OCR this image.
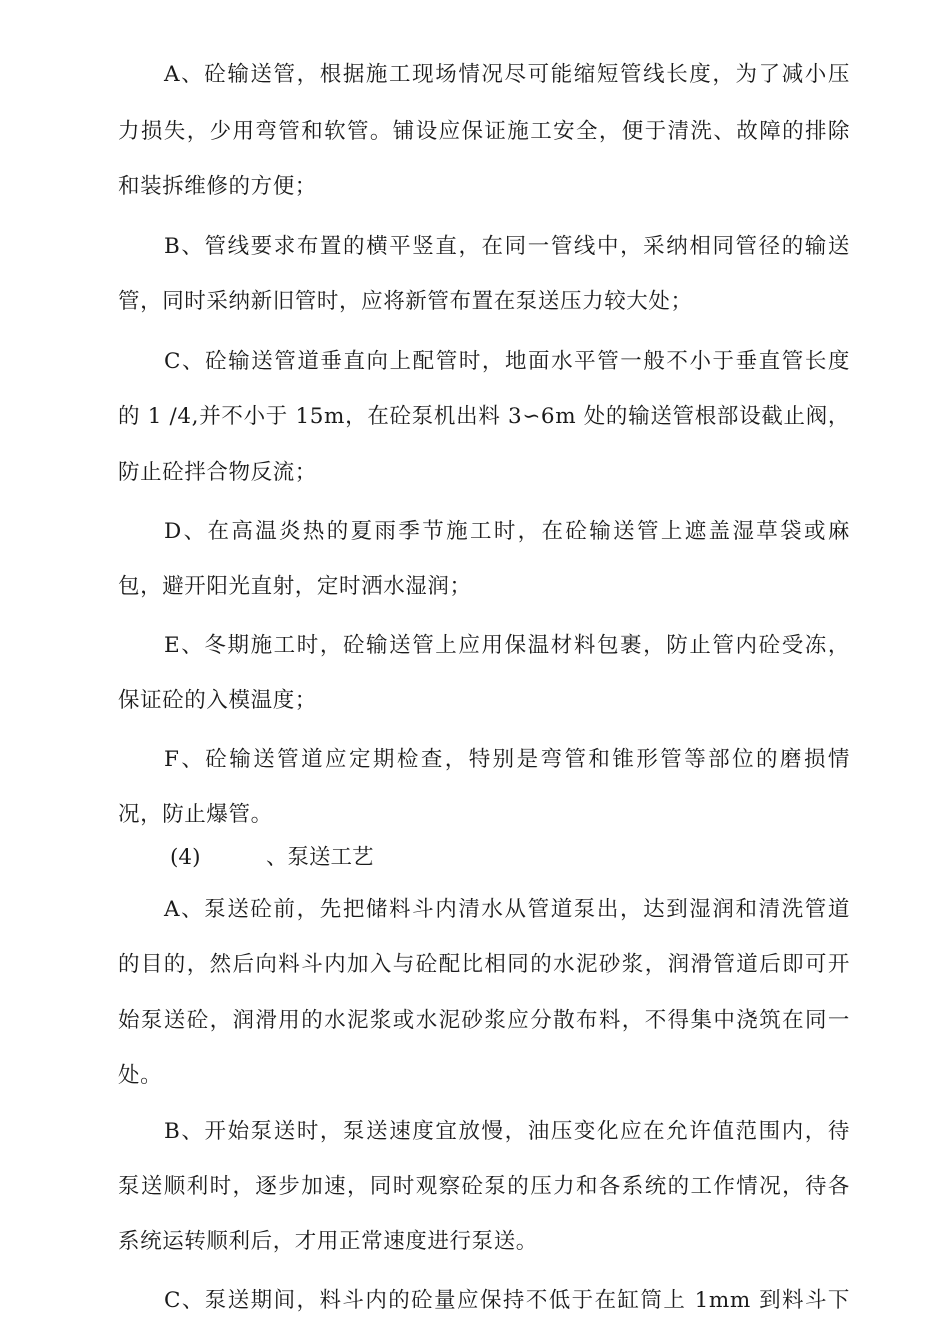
A、砼输送管，根据施工现场情况尽可能缩短管线长度，为了减小压
力损失，少用弯管和软管。铺设应保证施工安全，便于清洗、故障的排除
和装拆维修的方便；
B、管线要求布置的横平竖直，在同一管线中，采纳相同管径的输送
管，同时采纳新旧管时，应将新管布置在泵送压力较大处；
C、砼输送管道垂直向上配管时，地面水平管一般不小于垂直管长度
的 1 /4,并不小于 15m，在砼泵机出料 3∽6m 处的输送管根部设截止阀，
防止砼拌合物反流；
D、在高温炎热的夏雨季节施工时，在砼输送管上遮盖湿草袋或麻
包，避开阳光直射，定时洒水湿润；
E、冬期施工时，砼输送管上应用保温材料包裹，防止管内砼受冻，
保证砼的入模温度；
F、砼输送管道应定期检查，特别是弯管和锥形管等部位的磨损情
况，防止爆管。
(4)	、泵送工艺
A、泵送砼前，先把储料斗内清水从管道泵出，达到湿润和清洗管道
的目的，然后向料斗内加入与砼配比相同的水泥砂浆，润滑管道后即可开
始泵送砼，润滑用的水泥浆或水泥砂浆应分散布料，不得集中浇筑在同一
处。
B、开始泵送时，泵送速度宜放慢，油压变化应在允许值范围内，待
泵送顺利时，逐步加速，同时观察砼泵的压力和各系统的工作情况，待各
系统运转顺利后，才用正常速度进行泵送。
C、泵送期间，料斗内的砼量应保持不低于在缸筒上 1mm 到料斗下
